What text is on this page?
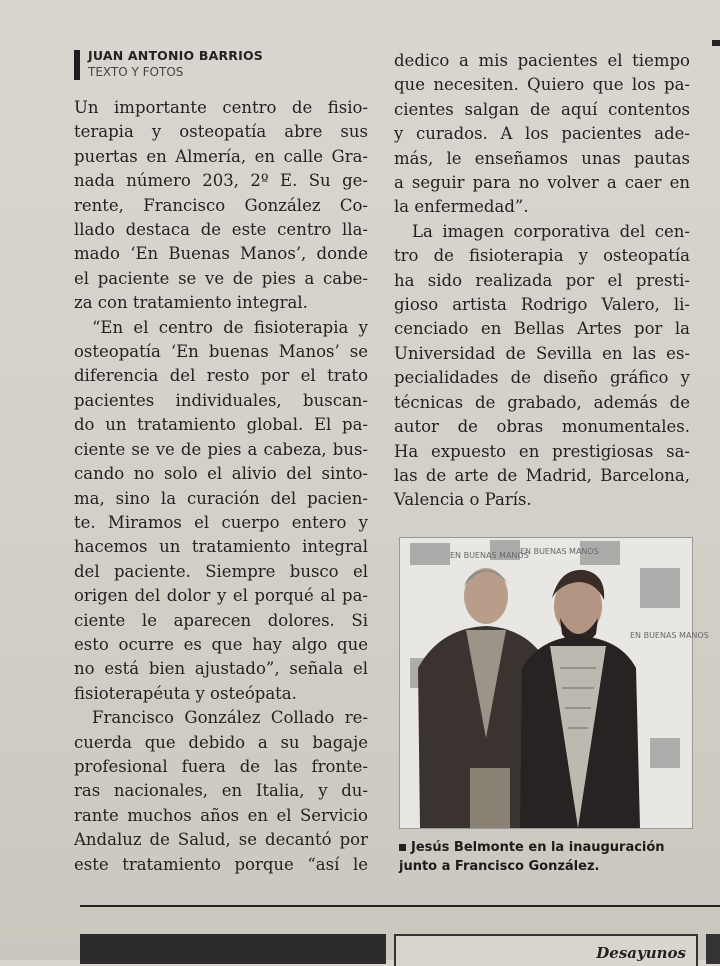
JUAN ANTONIO BARRIOS
TEXTO Y FOTOS

Un importante centro de fisio-
terapia y osteopatía abre sus
puertas en Almería, en calle Gra-
nada número 203, 2º E. Su ge-
rente, Francisco González Co-
llado destaca de este centro lla-
mado ‘En Buenas Manos’, donde
el paciente se ve de pies a cabe-
za con tratamiento integral.

“En el centro de fisioterapia y
osteopatía ‘En buenas Manos’ se
diferencia del resto por el trato
pacientes individuales, buscan-
do un tratamiento global. El pa-
ciente se ve de pies a cabeza, bus-
cando no solo el alivio del sinto-
ma, sino la curación del pacien-
te. Miramos el cuerpo entero y
hacemos un tratamiento integral
del paciente. Siempre busco el
origen del dolor y el porqué al pa-
ciente le aparecen dolores. Si
esto ocurre es que hay algo que
no está bien ajustado”, señala el
fisioterapéuta y osteópata.

Francisco González Collado re-
cuerda que debido a su bagaje
profesional fuera de las fronte-
ras nacionales, en Italia, y du-
rante muchos años en el Servicio
Andaluz de Salud, se decantó por
este tratamiento porque “así le

dedico a mis pacientes el tiempo
que necesiten. Quiero que los pa-
cientes salgan de aquí contentos
y curados. A los pacientes ade-
más, le enseñamos unas pautas
a seguir para no volver a caer en
la enfermedad”.

La imagen corporativa del cen-
tro de fisioterapia y osteopatía
ha sido realizada por el presti-
gioso artista Rodrigo Valero, li-
cenciado en Bellas Artes por la
Universidad de Sevilla en las es-
pecialidades de diseño gráfico y
técnicas de grabado, además de
autor de obras monumentales.
Ha expuesto en prestigiosas sa-
las de arte de Madrid, Barcelona,
Valencia o París.

EN BUENAS MANOS
EN BUENAS MANOS
EN BUENAS MANOS
Jesús Belmonte en la inauguración
junto a Francisco González.
Desayunos
